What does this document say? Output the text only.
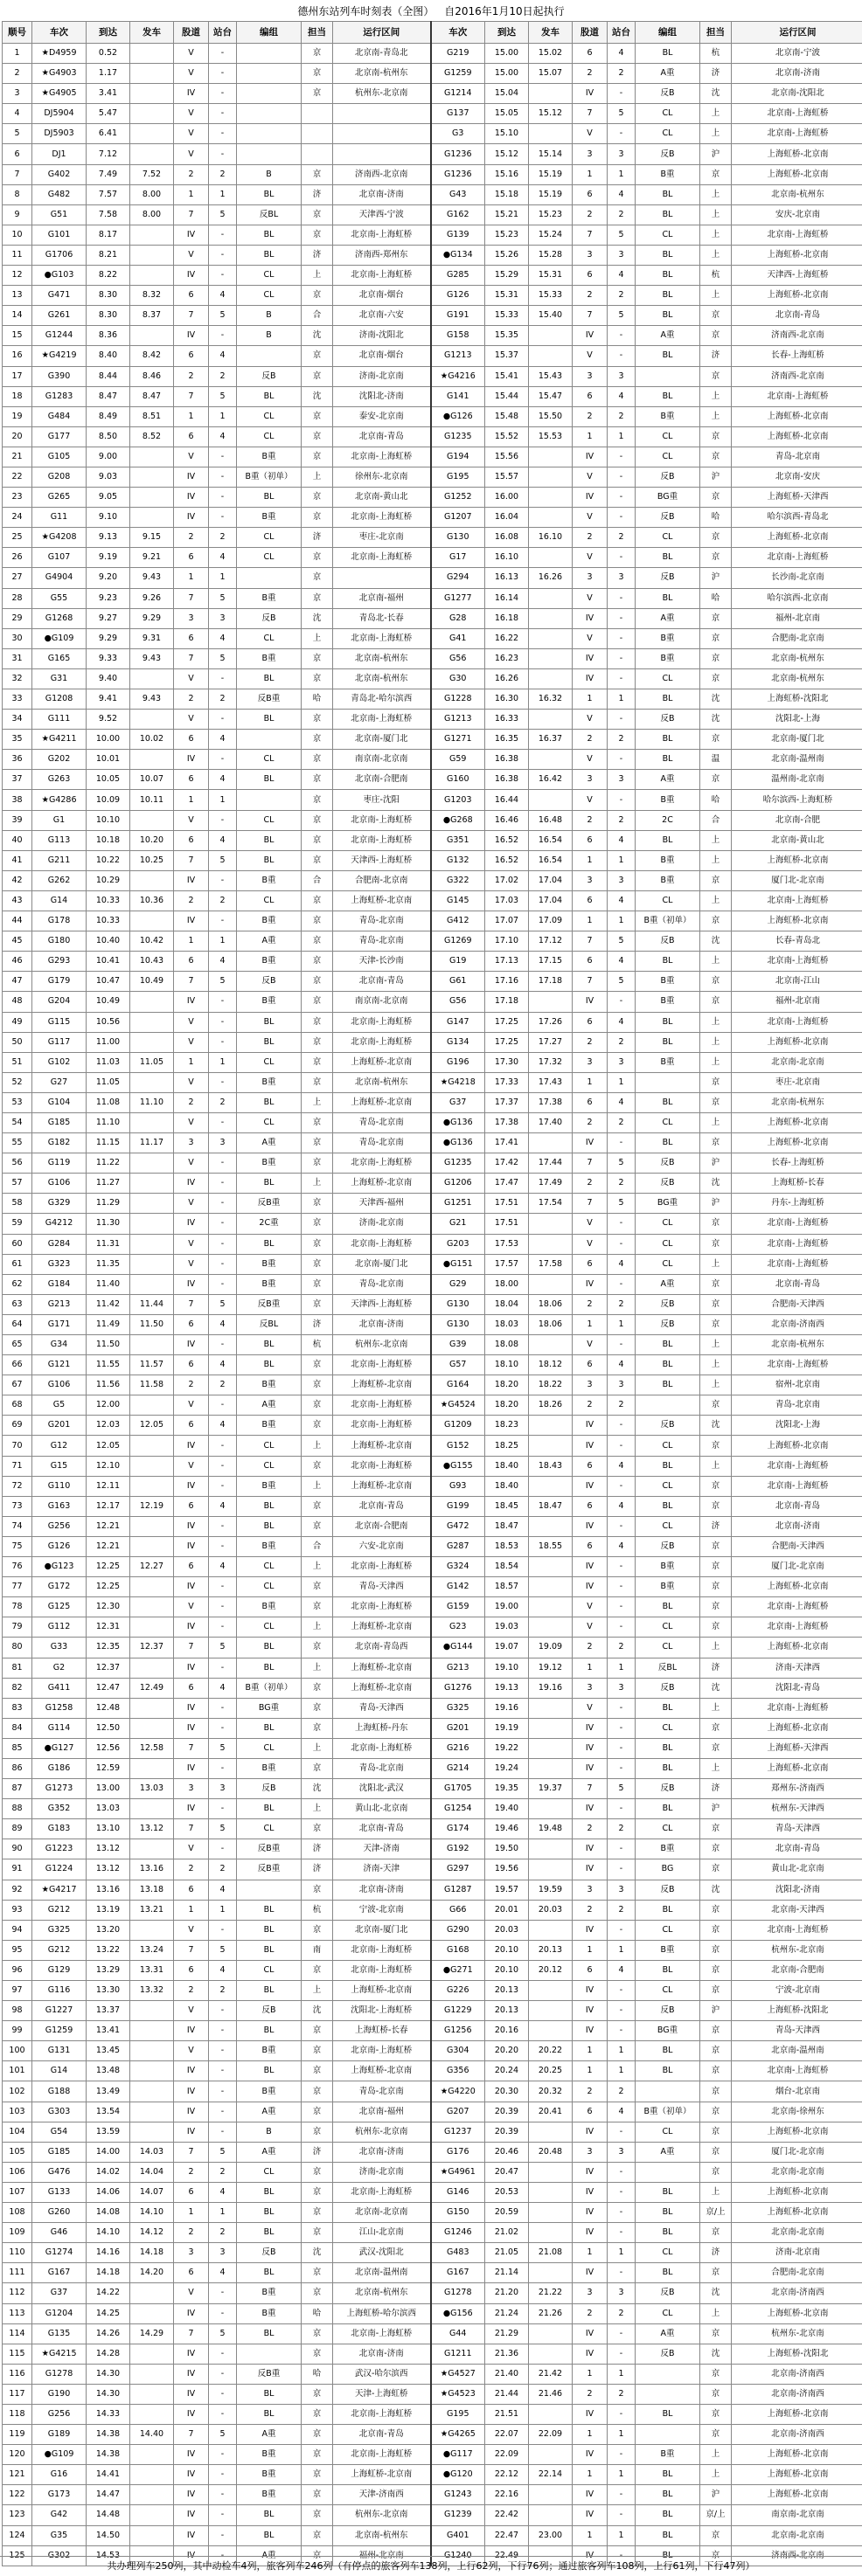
德州东站列车时刻表（全图） 自2016年1月10日起执行
顺号	车次	到达	发车	股道	站台	编组	担当	运行区间	车次	到达	发车	股道	站台	编组	担当	运行区间
1	★D4959	0.52		V	-		京	北京南-青岛北	G219	15.00	15.02	6	4	BL	杭	北京南-宁波
2	★G4903	1.17		V	-		京	北京南-杭州东	G1259	15.00	15.07	2	2	A重	济	北京南-济南
3	★G4905	3.41		IV	-		京	杭州东-北京南	G1214	15.04		IV	-	反B	沈	北京南-沈阳北
4	DJ5904	5.47		V	-				G137	15.05	15.12	7	5	CL	上	北京南-上海虹桥
5	DJ5903	6.41		V	-				G3	15.10		V	-	CL	上	北京南-上海虹桥
6	DJ1	7.12		V	-				G1236	15.12	15.14	3	3	反B	沪	上海虹桥-北京南
7	G402	7.49	7.52	2	2	B	京	济南西-北京南	G1236	15.16	15.19	1	1	B重	京	上海虹桥-北京南
8	G482	7.57	8.00	1	1	BL	济	北京南-济南	G43	15.18	15.19	6	4	BL	上	北京南-杭州东
9	G51	7.58	8.00	7	5	反BL	京	天津西-宁波	G162	15.21	15.23	2	2	BL	上	安庆-北京南
10	G101	8.17		IV	-	BL	京	北京南-上海虹桥	G139	15.23	15.24	7	5	CL	上	北京南-上海虹桥
11	G1706	8.21		V	-	BL	济	济南西-郑州东	●G134	15.26	15.28	3	3	BL	上	上海虹桥-北京南
12	●G103	8.22		IV	-	CL	上	北京南-上海虹桥	G285	15.29	15.31	6	4	BL	杭	天津西-上海虹桥
13	G471	8.30	8.32	6	4	CL	京	北京南-烟台	G126	15.31	15.33	2	2	BL	上	上海虹桥-北京南
14	G261	8.30	8.37	7	5	B	合	北京南-六安	G191	15.33	15.40	7	5	BL	京	北京南-青岛
15	G1244	8.36		IV	-	B	沈	济南-沈阳北	G158	15.35		IV	-	A重	京	济南西-北京南
16	★G4219	8.40	8.42	6	4		京	北京南-烟台	G1213	15.37		V	-	BL	济	长春-上海虹桥
17	G390	8.44	8.46	2	2	反B	京	济南-北京南	★G4216	15.41	15.43	3	3		京	济南西-北京南
18	G1283	8.47	8.47	7	5	BL	沈	沈阳北-济南	G141	15.44	15.47	6	4	BL	上	北京南-上海虹桥
19	G484	8.49	8.51	1	1	CL	京	泰安-北京南	●G126	15.48	15.50	2	2	B重	上	上海虹桥-北京南
20	G177	8.50	8.52	6	4	CL	京	北京南-青岛	G1235	15.52	15.53	1	1	CL	京	上海虹桥-北京南
21	G105	9.00		V	-	B重	京	北京南-上海虹桥	G194	15.56		IV	-	CL	京	青岛-北京南
22	G208	9.03		IV	-	B重（初单）	上	徐州东-北京南	G195	15.57		V	-	反B	沪	北京南-安庆
23	G265	9.05		IV	-	BL	京	北京南-黄山北	G1252	16.00		IV	-	BG重	京	上海虹桥-天津西
24	G11	9.10		IV	-	B重	京	北京南-上海虹桥	G1207	16.04		V	-	反B	哈	哈尔滨西-青岛北
25	★G4208	9.13	9.15	2	2	CL	济	枣庄-北京南	G130	16.08	16.10	2	2	CL	京	上海虹桥-北京南
26	G107	9.19	9.21	6	4	CL	京	北京南-上海虹桥	G17	16.10		V	-	BL	京	北京南-上海虹桥
27	G4904	9.20	9.43	1	1		京		G294	16.13	16.26	3	3	反B	沪	长沙南-北京南
28	G55	9.23	9.26	7	5	B重	京	北京南-福州	G1277	16.14		V	-	BL	哈	哈尔滨西-北京南
29	G1268	9.27	9.29	3	3	反B	沈	青岛北-长春	G28	16.18		IV	-	A重	京	福州-北京南
30	●G109	9.29	9.31	6	4	CL	上	北京南-上海虹桥	G41	16.22		V	-	B重	京	合肥南-北京南
31	G165	9.33	9.43	7	5	B重	京	北京南-杭州东	G56	16.23		IV	-	B重	京	北京南-杭州东
32	G31	9.40		V	-	BL	京	北京南-杭州东	G30	16.26		IV	-	CL	京	北京南-杭州东
33	G1208	9.41	9.43	2	2	反B重	哈	青岛北-哈尔滨西	G1228	16.30	16.32	1	1	BL	沈	上海虹桥-沈阳北
34	G111	9.52		V	-	BL	京	北京南-上海虹桥	G1213	16.33		V	-	反B	沈	沈阳北-上海
35	★G4211	10.00	10.02	6	4		京	北京南-厦门北	G1271	16.35	16.37	2	2	BL	京	北京南-厦门北
36	G202	10.01		IV	-	CL	京	南京南-北京南	G59	16.38		V	-	BL	温	北京南-温州南
37	G263	10.05	10.07	6	4	BL	京	北京南-合肥南	G160	16.38	16.42	3	3	A重	京	温州南-北京南
38	★G4286	10.09	10.11	1	1		京	枣庄-沈阳	G1203	16.44		V	-	B重	哈	哈尔滨西-上海虹桥
39	G1	10.10		V	-	CL	京	北京南-上海虹桥	●G268	16.46	16.48	2	2	2C	合	北京南-合肥
40	G113	10.18	10.20	6	4	BL	京	北京南-上海虹桥	G351	16.52	16.54	6	4	BL	上	北京南-黄山北
41	G211	10.22	10.25	7	5	BL	京	天津西-上海虹桥	G132	16.52	16.54	1	1	B重	上	上海虹桥-北京南
42	G262	10.29		IV	-	B重	合	合肥南-北京南	G322	17.02	17.04	3	3	B重	京	厦门北-北京南
43	G14	10.33	10.36	2	2	CL	京	上海虹桥-北京南	G145	17.03	17.04	6	4	CL	上	北京南-上海虹桥
44	G178	10.33		IV	-	B重	京	青岛-北京南	G412	17.07	17.09	1	1	B重（初单）	京	上海虹桥-北京南
45	G180	10.40	10.42	1	1	A重	京	青岛-北京南	G1269	17.10	17.12	7	5	反B	沈	长春-青岛北
46	G293	10.41	10.43	6	4	B重	京	天津-长沙南	G19	17.13	17.15	6	4	BL	上	北京南-上海虹桥
47	G179	10.47	10.49	7	5	反B	京	北京南-青岛	G61	17.16	17.18	7	5	B重	京	北京南-江山
48	G204	10.49		IV	-	B重	京	南京南-北京南	G56	17.18		IV	-	B重	京	福州-北京南
49	G115	10.56		V	-	BL	京	北京南-上海虹桥	G147	17.25	17.26	6	4	BL	上	北京南-上海虹桥
50	G117	11.00		V	-	BL	京	北京南-上海虹桥	G134	17.25	17.27	2	2	BL	上	上海虹桥-北京南
51	G102	11.03	11.05	1	1	CL	京	上海虹桥-北京南	G196	17.30	17.32	3	3	B重	上	北京南-北京南
52	G27	11.05		V	-	B重	京	北京南-杭州东	★G4218	17.33	17.43	1	1		京	枣庄-北京南
53	G104	11.08	11.10	2	2	BL	上	上海虹桥-北京南	G37	17.37	17.38	6	4	BL	京	北京南-杭州东
54	G185	11.10		V	-	CL	京	青岛-北京南	●G136	17.38	17.40	2	2	CL	上	上海虹桥-北京南
55	G182	11.15	11.17	3	3	A重	京	青岛-北京南	●G136	17.41		IV	-	BL	京	上海虹桥-北京南
56	G119	11.22		V	-	B重	京	北京南-上海虹桥	G1235	17.42	17.44	7	5	反B	沪	长春-上海虹桥
57	G106	11.27		IV	-	BL	上	上海虹桥-北京南	G1206	17.47	17.49	2	2	反B	沈	上海虹桥-长春
58	G329	11.29		V	-	反B重	京	天津西-福州	G1251	17.51	17.54	7	5	BG重	沪	丹东-上海虹桥
59	G4212	11.30		IV	-	2C重	京	济南-北京南	G21	17.51		V	-	CL	京	北京南-上海虹桥
60	G284	11.31		V	-	BL	京	北京南-上海虹桥	G203	17.53		V	-	CL	京	北京南-上海虹桥
61	G323	11.35		V	-	B重	京	北京南-厦门北	●G151	17.57	17.58	6	4	CL	上	北京南-上海虹桥
62	G184	11.40		IV	-	B重	京	青岛-北京南	G29	18.00		IV	-	A重	京	北京南-青岛
63	G213	11.42	11.44	7	5	反B重	京	天津西-上海虹桥	G130	18.04	18.06	2	2	反B	京	合肥南-天津西
64	G171	11.49	11.50	6	4	反BL	济	北京南-济南	G130	18.03	18.06	1	1	反B	京	北京南-济南西
65	G34	11.50		IV	-	BL	杭	杭州东-北京南	G39	18.08		V	-	BL	上	北京南-杭州东
66	G121	11.55	11.57	6	4	BL	京	北京南-上海虹桥	G57	18.10	18.12	6	4	BL	上	北京南-上海虹桥
67	G106	11.56	11.58	2	2	B重	京	上海虹桥-北京南	G164	18.20	18.22	3	3	BL	上	宿州-北京南
68	G5	12.00		V	-	A重	京	北京南-上海虹桥	★G4524	18.20	18.26	2	2		京	青岛-北京南
69	G201	12.03	12.05	6	4	B重	京	北京南-上海虹桥	G1209	18.23		IV	-	反B	沈	沈阳北-上海
70	G12	12.05		IV	-	CL	上	上海虹桥-北京南	G152	18.25		IV	-	CL	京	上海虹桥-北京南
71	G15	12.10		V	-	CL	京	北京南-上海虹桥	●G155	18.40	18.43	6	4	BL	上	北京南-上海虹桥
72	G110	12.11		IV	-	B重	上	上海虹桥-北京南	G93	18.40		IV	-	CL	京	北京南-上海虹桥
73	G163	12.17	12.19	6	4	BL	京	北京南-青岛	G199	18.45	18.47	6	4	BL	京	北京南-青岛
74	G256	12.21		IV	-	BL	京	北京南-合肥南	G472	18.47		IV	-	CL	济	北京南-济南
75	G126	12.21		IV	-	B重	合	六安-北京南	G287	18.53	18.55	6	4	反B	京	合肥南-天津西
76	●G123	12.25	12.27	6	4	CL	上	北京南-上海虹桥	G324	18.54		IV	-	B重	京	厦门北-北京南
77	G172	12.25		IV	-	CL	京	青岛-天津西	G142	18.57		IV	-	B重	京	上海虹桥-北京南
78	G125	12.30		V	-	B重	京	北京南-上海虹桥	G159	19.00		V	-	BL	京	北京南-上海虹桥
79	G112	12.31		IV	-	CL	上	上海虹桥-北京南	G23	19.03		V	-	CL	京	北京南-上海虹桥
80	G33	12.35	12.37	7	5	BL	京	北京南-青岛西	●G144	19.07	19.09	2	2	CL	上	上海虹桥-北京南
81	G2	12.37		IV	-	BL	上	上海虹桥-北京南	G213	19.10	19.12	1	1	反BL	济	济南-天津西
82	G411	12.47	12.49	6	4	B重（初单）	京	上海虹桥-北京南	G1276	19.13	19.16	3	3	反B	沈	沈阳北-青岛
83	G1258	12.48		IV	-	BG重	京	青岛-天津西	G325	19.16		V	-	BL	上	北京南-上海虹桥
84	G114	12.50		IV	-	BL	京	上海虹桥-丹东	G201	19.19		IV	-	CL	京	上海虹桥-北京南
85	●G127	12.56	12.58	7	5	CL	上	北京南-上海虹桥	G216	19.22		IV	-	BL	京	上海虹桥-天津西
86	G186	12.59		IV	-	B重	京	青岛-北京南	G214	19.24		IV	-	BL	上	上海虹桥-北京南
87	G1273	13.00	13.03	3	3	反B	沈	沈阳北-武汉	G1705	19.35	19.37	7	5	反B	济	郑州东-济南西
88	G352	13.03		IV	-	BL	上	黄山北-北京南	G1254	19.40		IV	-	BL	沪	杭州东-天津西
89	G183	13.10	13.12	7	5	CL	京	北京南-青岛	G174	19.46	19.48	2	2	CL	京	青岛-天津西
90	G1223	13.12		V	-	反B重	济	天津-济南	G192	19.50		IV	-	B重	京	北京南-青岛
91	G1224	13.12	13.16	2	2	反B重	济	济南-天津	G297	19.56		IV	-	BG	京	黄山北-北京南
92	★G4217	13.16	13.18	6	4		京	北京南-济南	G1287	19.57	19.59	3	3	反B	沈	沈阳北-济南
93	G212	13.19	13.21	1	1	BL	杭	宁波-北京南	G66	20.01	20.03	2	2	BL	京	北京南-天津西
94	G325	13.20		V	-	BL	京	北京南-厦门北	G290	20.03		IV	-	CL	京	北京南-上海虹桥
95	G212	13.22	13.24	7	5	BL	南	北京南-上海虹桥	G168	20.10	20.13	1	1	B重	京	杭州东-北京南
96	G129	13.29	13.31	6	4	CL	京	北京南-上海虹桥	●G271	20.10	20.12	6	4	BL	京	北京南-合肥南
97	G116	13.30	13.32	2	2	BL	上	上海虹桥-北京南	G226	20.13		IV	-	CL	京	宁波-北京南
98	G1227	13.37		V	-	反B	沈	沈阳北-上海虹桥	G1229	20.13		IV	-	反B	沪	上海虹桥-沈阳北
99	G1259	13.41		IV	-	BL	京	上海虹桥-长春	G1256	20.16		IV	-	BG重	京	青岛-天津西
100	G131	13.45		V	-	B重	京	北京南-上海虹桥	G304	20.20	20.22	1	1	BL	京	北京南-温州南
101	G14	13.48		IV	-	BL	京	上海虹桥-北京南	G356	20.24	20.25	1	1	BL	京	北京南-上海虹桥
102	G188	13.49		IV	-	B重	京	青岛-北京南	★G4220	20.30	20.32	2	2		京	烟台-北京南
103	G303	13.54		IV	-	A重	京	北京南-福州	G207	20.39	20.41	6	4	B重（初单）	京	北京南-徐州东
104	G54	13.59		IV	-	B	京	杭州东-北京南	G1237	20.39		IV	-	CL	京	上海虹桥-北京南
105	G185	14.00	14.03	7	5	A重	济	北京南-济南	G176	20.46	20.48	3	3	A重	京	厦门北-北京南
106	G476	14.02	14.04	2	2	CL	京	济南-北京南	★G4961	20.47		IV	-		京	北京南-北京南
107	G133	14.06	14.07	6	4	BL	京	北京南-上海虹桥	G146	20.53		IV	-	BL	上	上海虹桥-北京南
108	G260	14.08	14.10	1	1	BL	京	北京南-北京南	G150	20.59		IV	-	BL	京/上	上海虹桥-北京南
109	G46	14.10	14.12	2	2	BL	京	江山-北京南	G1246	21.02		IV	-	BL	京	北京南-北京南
110	G1274	14.16	14.18	3	3	反B	沈	武汉-沈阳北	G483	21.05	21.08	1	1	CL	济	济南-北京南
111	G167	14.18	14.20	6	4	BL	京	北京南-温州南	G167	21.14		IV	-	BL	京	合肥南-北京南
112	G37	14.22		V	-	B重	京	北京南-杭州东	G1278	21.20	21.22	3	3	反B	沈	北京南-济南西
113	G1204	14.25		IV	-	B重	哈	上海虹桥-哈尔滨西	●G156	21.24	21.26	2	2	CL	上	上海虹桥-北京南
114	G135	14.26	14.29	7	5	BL	京	北京南-上海虹桥	G44	21.29		IV	-	A重	京	杭州东-北京南
115	★G4215	14.28		IV	-		京	北京南-济南	G1211	21.36		IV	-	反B	沈	上海虹桥-沈阳北
116	G1278	14.30		IV	-	反B重	哈	武汉-哈尔滨西	★G4527	21.40	21.42	1	1		京	北京南-济南西
117	G190	14.30		IV	-	BL	京	天津-上海虹桥	★G4523	21.44	21.46	2	2		京	北京南-济南西
118	G256	14.33		IV	-	BL	京	北京南-上海虹桥	G195	21.51		IV	-	BL	京	上海虹桥-北京南
119	G189	14.38	14.40	7	5	A重	京	北京南-青岛	★G4265	22.07	22.09	1	1		京	北京南-济南西
120	●G109	14.38		IV	-	B重	京	北京南-上海虹桥	●G117	22.09		IV	-	B重	上	上海虹桥-北京南
121	G16	14.41		IV	-	B重	京	上海虹桥-北京南	●G120	22.12	22.14	1	1	BL	上	上海虹桥-北京南
122	G173	14.47		IV	-	B重	京	天津-济南西	G1243	22.16		IV	-	BL	沪	上海虹桥-北京南
123	G42	14.48		IV	-	BL	京	杭州东-北京南	G1239	22.42		IV	-	BL	京/上	南京南-北京南
124	G35	14.50		IV	-	BL	京	北京南-杭州东	G401	22.47	23.00	1	1	BL	京	北京南-北京南
125	G302	14.53		IV	-	A重	京	福州-北京南	G1240	22.49		IV	-	BL	京	济南西-北京南
共办理列车250列，其中动检车4列，旅客列车246列（有停点的旅客列车138列，上行62列，下行76列；通过旅客列车108列，上行61列，下行47列）
